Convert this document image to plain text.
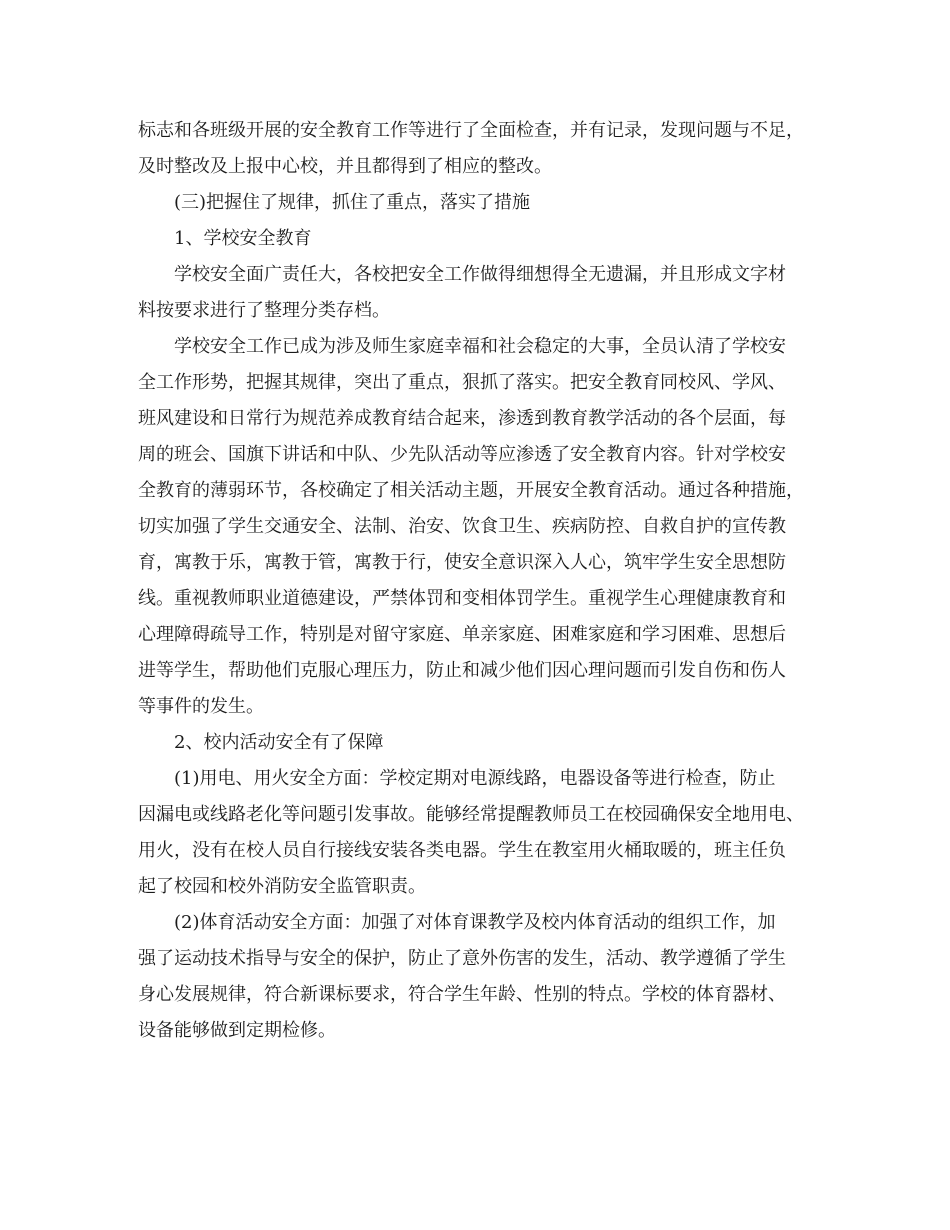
标志和各班级开展的安全教育工作等进行了全面检查，并有记录，发现问题与不足，

及时整改及上报中心校，并且都得到了相应的整改。

(三)把握住了规律，抓住了重点，落实了措施

1、学校安全教育

学校安全面广责任大，各校把安全工作做得细想得全无遗漏，并且形成文字材

料按要求进行了整理分类存档。

学校安全工作已成为涉及师生家庭幸福和社会稳定的大事，全员认清了学校安

全工作形势，把握其规律，突出了重点，狠抓了落实。把安全教育同校风、学风、

班风建设和日常行为规范养成教育结合起来，渗透到教育教学活动的各个层面，每

周的班会、国旗下讲话和中队、少先队活动等应渗透了安全教育内容。针对学校安

全教育的薄弱环节，各校确定了相关活动主题，开展安全教育活动。通过各种措施，

切实加强了学生交通安全、法制、治安、饮食卫生、疾病防控、自救自护的宣传教

育，寓教于乐，寓教于管，寓教于行，使安全意识深入人心，筑牢学生安全思想防

线。重视教师职业道德建设，严禁体罚和变相体罚学生。重视学生心理健康教育和

心理障碍疏导工作，特别是对留守家庭、单亲家庭、困难家庭和学习困难、思想后

进等学生，帮助他们克服心理压力，防止和减少他们因心理问题而引发自伤和伤人

等事件的发生。

2、校内活动安全有了保障

(1)用电、用火安全方面：学校定期对电源线路，电器设备等进行检查，防止

因漏电或线路老化等问题引发事故。能够经常提醒教师员工在校园确保安全地用电、

用火，没有在校人员自行接线安装各类电器。学生在教室用火桶取暖的，班主任负

起了校园和校外消防安全监管职责。

(2)体育活动安全方面：加强了对体育课教学及校内体育活动的组织工作，加

强了运动技术指导与安全的保护，防止了意外伤害的发生，活动、教学遵循了学生

身心发展规律，符合新课标要求，符合学生年龄、性别的特点。学校的体育器材、

设备能够做到定期检修。
